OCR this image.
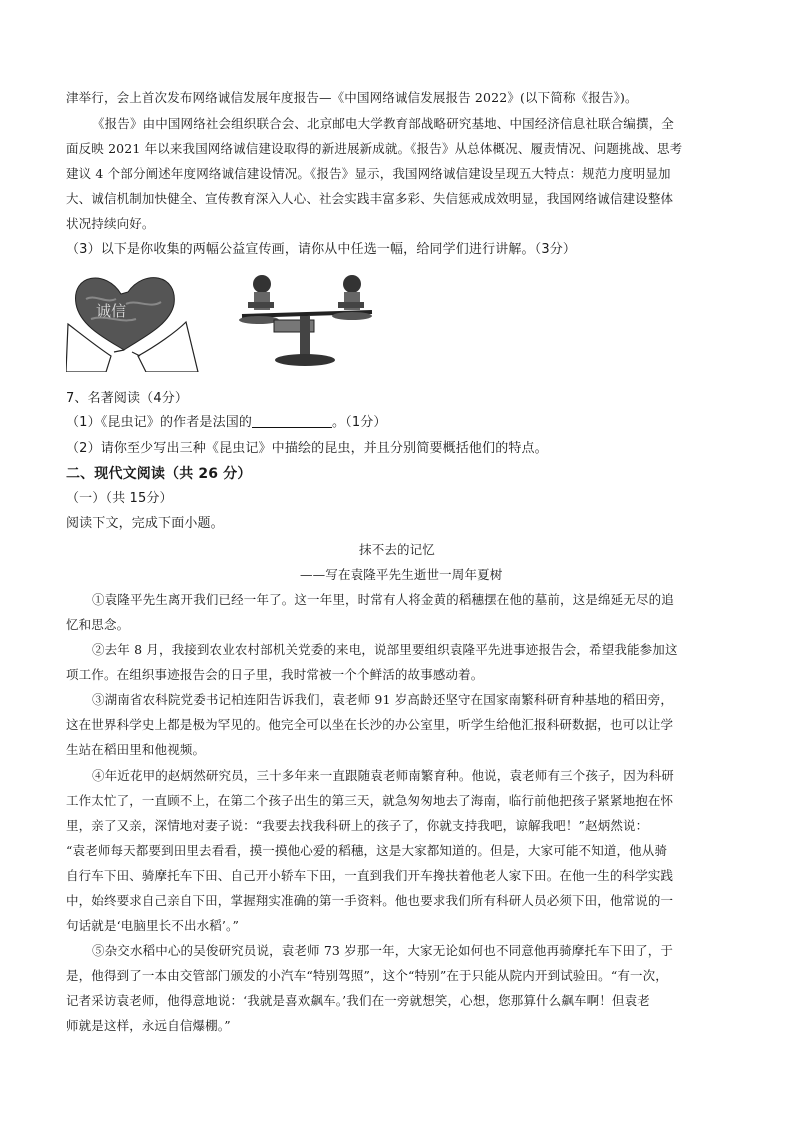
津举行，会上首次发布网络诚信发展年度报告—《中国网络诚信发展报告 2022》(以下简称《报告》)。
《报告》由中国网络社会组织联合会、北京邮电大学教育部战略研究基地、中国经济信息社联合编撰，全
面反映 2021 年以来我国网络诚信建设取得的新进展新成就。《报告》从总体概况、履责情况、问题挑战、思考
建议 4 个部分阐述年度网络诚信建设情况。《报告》显示，我国网络诚信建设呈现五大特点：规范力度明显加
大、诚信机制加快健全、宣传教育深入人心、社会实践丰富多彩、失信惩戒成效明显，我国网络诚信建设整体
状况持续向好。
（3）以下是你收集的两幅公益宣传画，请你从中任选一幅，给同学们进行讲解。（3分）
诚信
7、名著阅读（4分）
（1）《昆虫记》的作者是法国的	。（1分）
（2）请你至少写出三种《昆虫记》中描绘的昆虫，并且分别简要概括他们的特点。
二、现代文阅读（共 26 分）
（一）（共 15分）
阅读下文，完成下面小题。
抹不去的记忆
——写在袁隆平先生逝世一周年夏树
①袁隆平先生离开我们已经一年了。这一年里，时常有人将金黄的稻穗摆在他的墓前，这是绵延无尽的追
忆和思念。
②去年 8 月，我接到农业农村部机关党委的来电，说部里要组织袁隆平先进事迹报告会，希望我能参加这
项工作。在组织事迹报告会的日子里，我时常被一个个鲜活的故事感动着。
③湖南省农科院党委书记柏连阳告诉我们，袁老师 91 岁高龄还坚守在国家南繁科研育种基地的稻田旁，
这在世界科学史上都是极为罕见的。他完全可以坐在长沙的办公室里，听学生给他汇报科研数据，也可以让学
生站在稻田里和他视频。
④年近花甲的赵炳然研究员，三十多年来一直跟随袁老师南繁育种。他说，袁老师有三个孩子，因为科研
工作太忙了，一直顾不上，在第二个孩子出生的第三天，就急匆匆地去了海南，临行前他把孩子紧紧地抱在怀
里，亲了又亲，深情地对妻子说：“我要去找我科研上的孩子了，你就支持我吧，谅解我吧！”赵炳然说：
“袁老师每天都要到田里去看看，摸一摸他心爱的稻穗，这是大家都知道的。但是，大家可能不知道，他从骑
自行车下田、骑摩托车下田、自己开小轿车下田，一直到我们开车搀扶着他老人家下田。在他一生的科学实践
中，始终要求自己亲自下田，掌握翔实准确的第一手资料。他也要求我们所有科研人员必须下田，他常说的一
句话就是‘电脑里长不出水稻’。”
⑤杂交水稻中心的吴俊研究员说，袁老师 73 岁那一年，大家无论如何也不同意他再骑摩托车下田了，于
是，他得到了一本由交管部门颁发的小汽车“特别驾照”，这个“特别”在于只能从院内开到试验田。“有一次，
记者采访袁老师，他得意地说：‘我就是喜欢飙车。’我们在一旁就想笑，心想，您那算什么飙车啊！但袁老
师就是这样，永远自信爆棚。”
